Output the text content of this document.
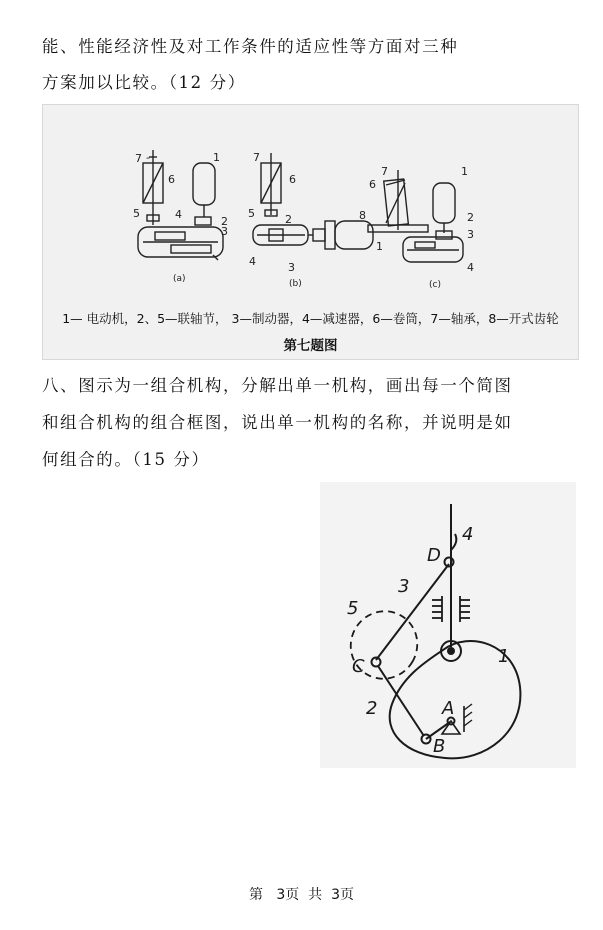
能、性能经济性及对工作条件的适应性等方面对三种
方案加以比较。（12 分）
7 -
6
1
5	4
2
3
(a)
7
6
5	2
4	3
1
(b)
7
6
1
8	2
3
4
(c)
1— 电动机，2、5—联轴节， 3—制动器，4—减速器，6—卷筒，7—轴承，8—开式齿轮
第七题图
八、图示为一组合机构，分解出单一机构，画出每一个简图
和组合机构的组合框图，说出单一机构的名称，并说明是如
何组合的。（15 分）
4
D
3
5
C
2
1
A
B
第 3页 共 3页
